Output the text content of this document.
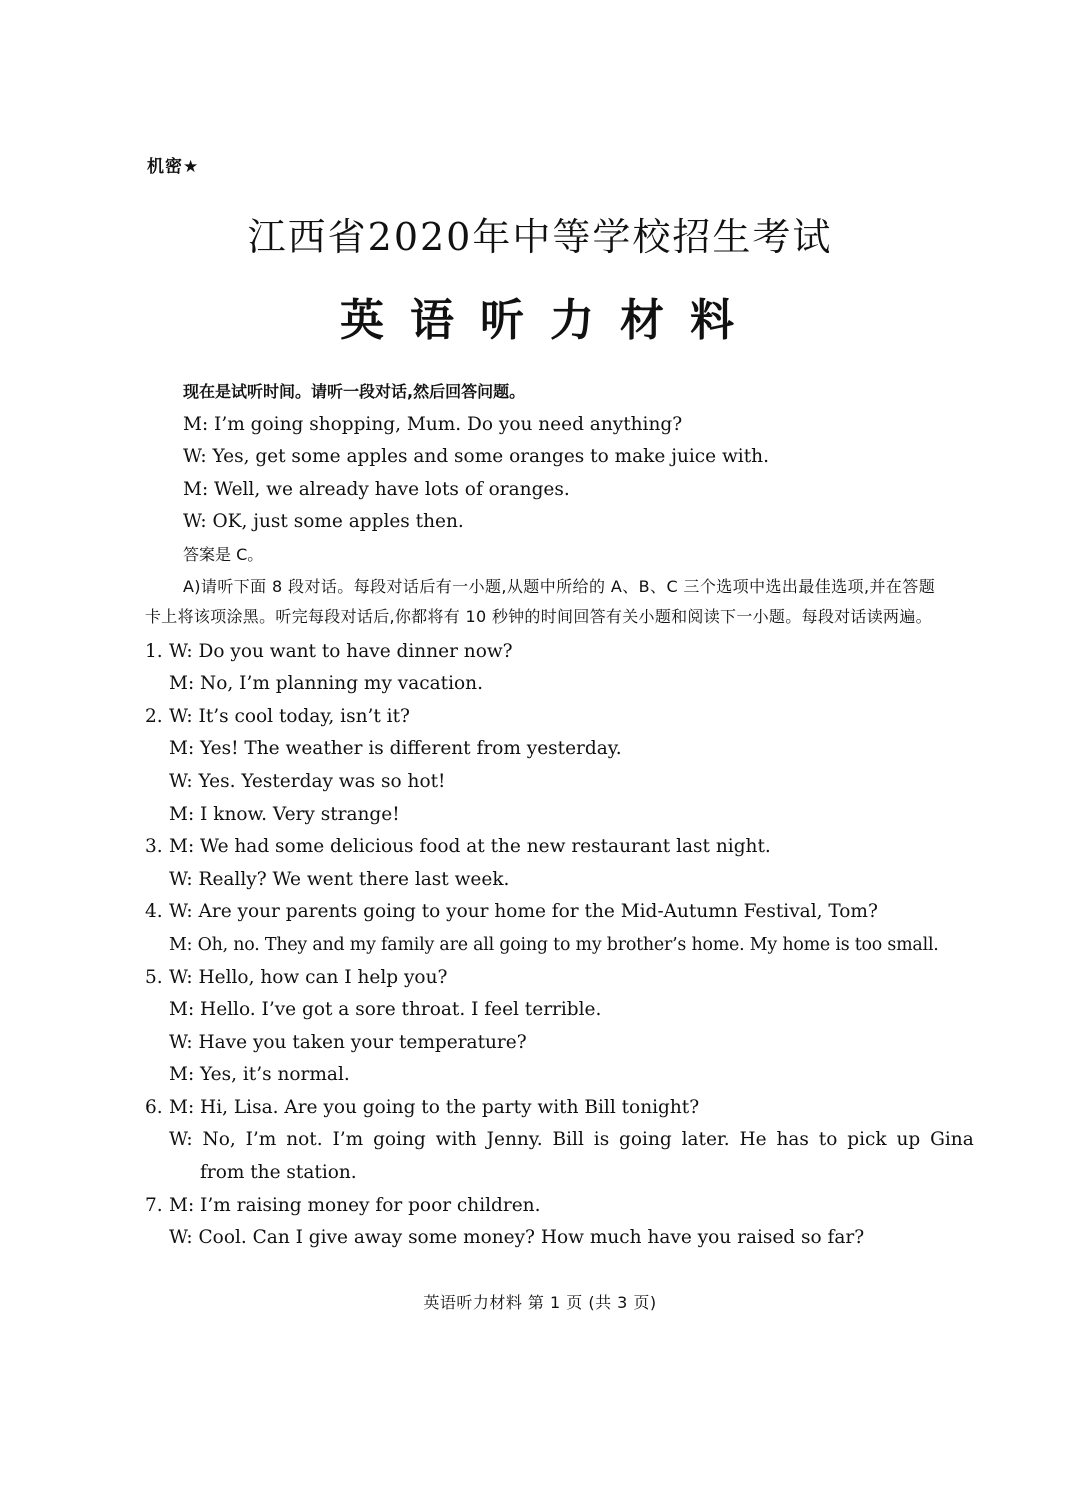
机密★
江西省2020年中等学校招生考试
英语听力材料
现在是试听时间。请听一段对话,然后回答问题。
M: I’m going shopping, Mum. Do you need anything?
W: Yes, get some apples and some oranges to make juice with.
M: Well, we already have lots of oranges.
W: OK, just some apples then.
答案是 C。
A)请听下面 8 段对话。每段对话后有一小题,从题中所给的 A、B、C 三个选项中选出最佳选项,并在答题卡上将该项涂黑。听完每段对话后,你都将有 10 秒钟的时间回答有关小题和阅读下一小题。每段对话读两遍。
1. W: Do you want to have dinner now?
M: No, I’m planning my vacation.
2. W: It’s cool today, isn’t it?
M: Yes! The weather is different from yesterday.
W: Yes. Yesterday was so hot!
M: I know. Very strange!
3. M: We had some delicious food at the new restaurant last night.
W: Really? We went there last week.
4. W: Are your parents going to your home for the Mid-Autumn Festival, Tom?
M: Oh, no. They and my family are all going to my brother’s home. My home is too small.
5. W: Hello, how can I help you?
M: Hello. I’ve got a sore throat. I feel terrible.
W: Have you taken your temperature?
M: Yes, it’s normal.
6. M: Hi, Lisa. Are you going to the party with Bill tonight?
W: No, I’m not. I’m going with Jenny. Bill is going later. He has to pick up Gina
from the station.
7. M: I’m raising money for poor children.
W: Cool. Can I give away some money? How much have you raised so far?
英语听力材料 第 1 页 (共 3 页)
